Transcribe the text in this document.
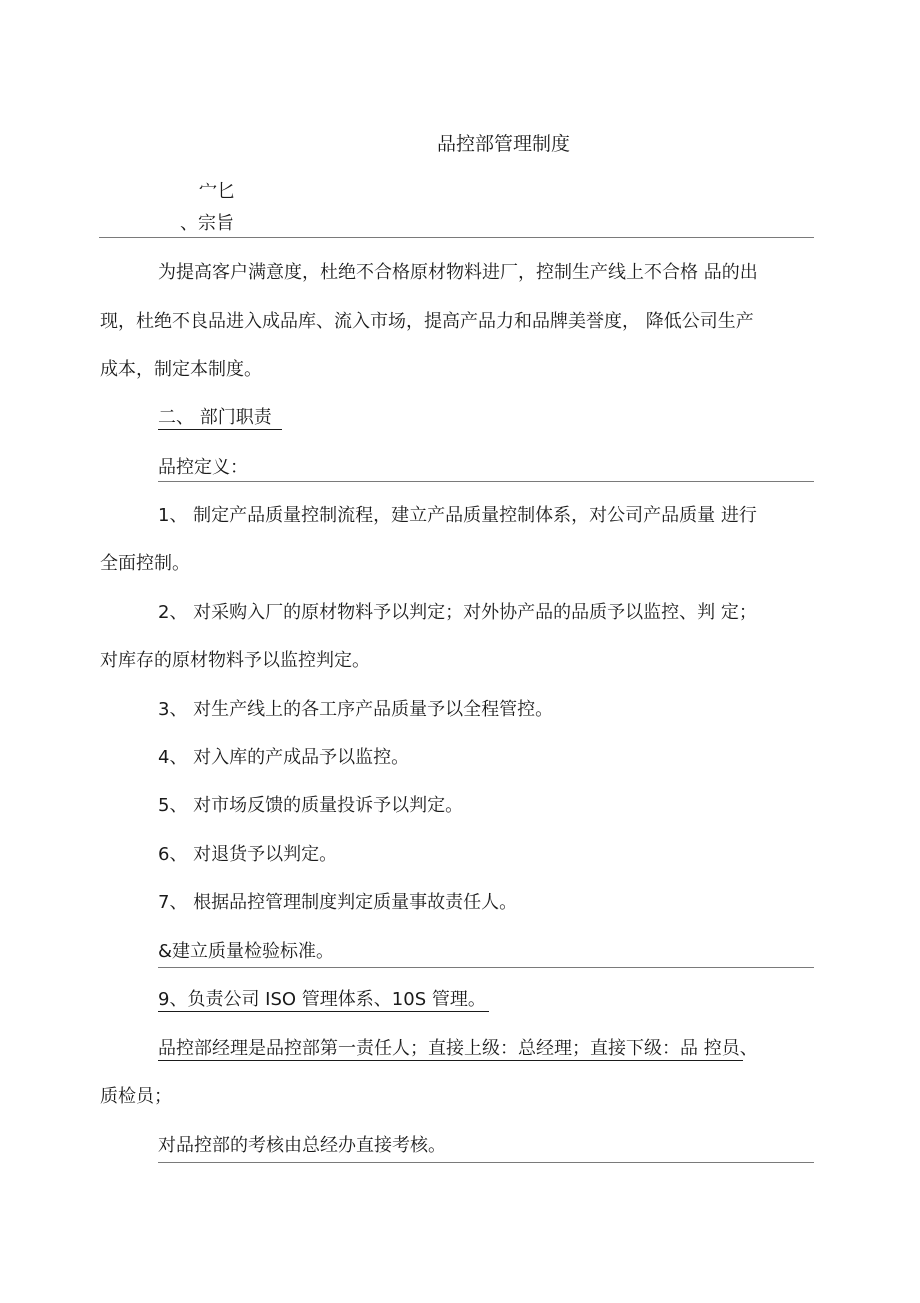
品控部管理制度
宀匕
、宗旨
为提高客户满意度，杜绝不合格原材物料进厂，控制生产线上不合格 品的出
现，杜绝不良品进入成品库、流入市场，提高产品力和品牌美誉度， 降低公司生产
成本，制定本制度。
二、 部门职责
品控定义：
1、 制定产品质量控制流程，建立产品质量控制体系，对公司产品质量 进行
全面控制。
2、 对采购入厂的原材物料予以判定；对外协产品的品质予以监控、判 定；
对库存的原材物料予以监控判定。
3、 对生产线上的各工序产品质量予以全程管控。
4、 对入库的产成品予以监控。
5、 对市场反馈的质量投诉予以判定。
6、 对退货予以判定。
7、 根据品控管理制度判定质量事故责任人。
&建立质量检验标准。
9、负责公司 ISO 管理体系、10S 管理。
品控部经理是品控部第一责任人；直接上级：总经理；直接下级：品 控员、
质检员；
对品控部的考核由总经办直接考核。
